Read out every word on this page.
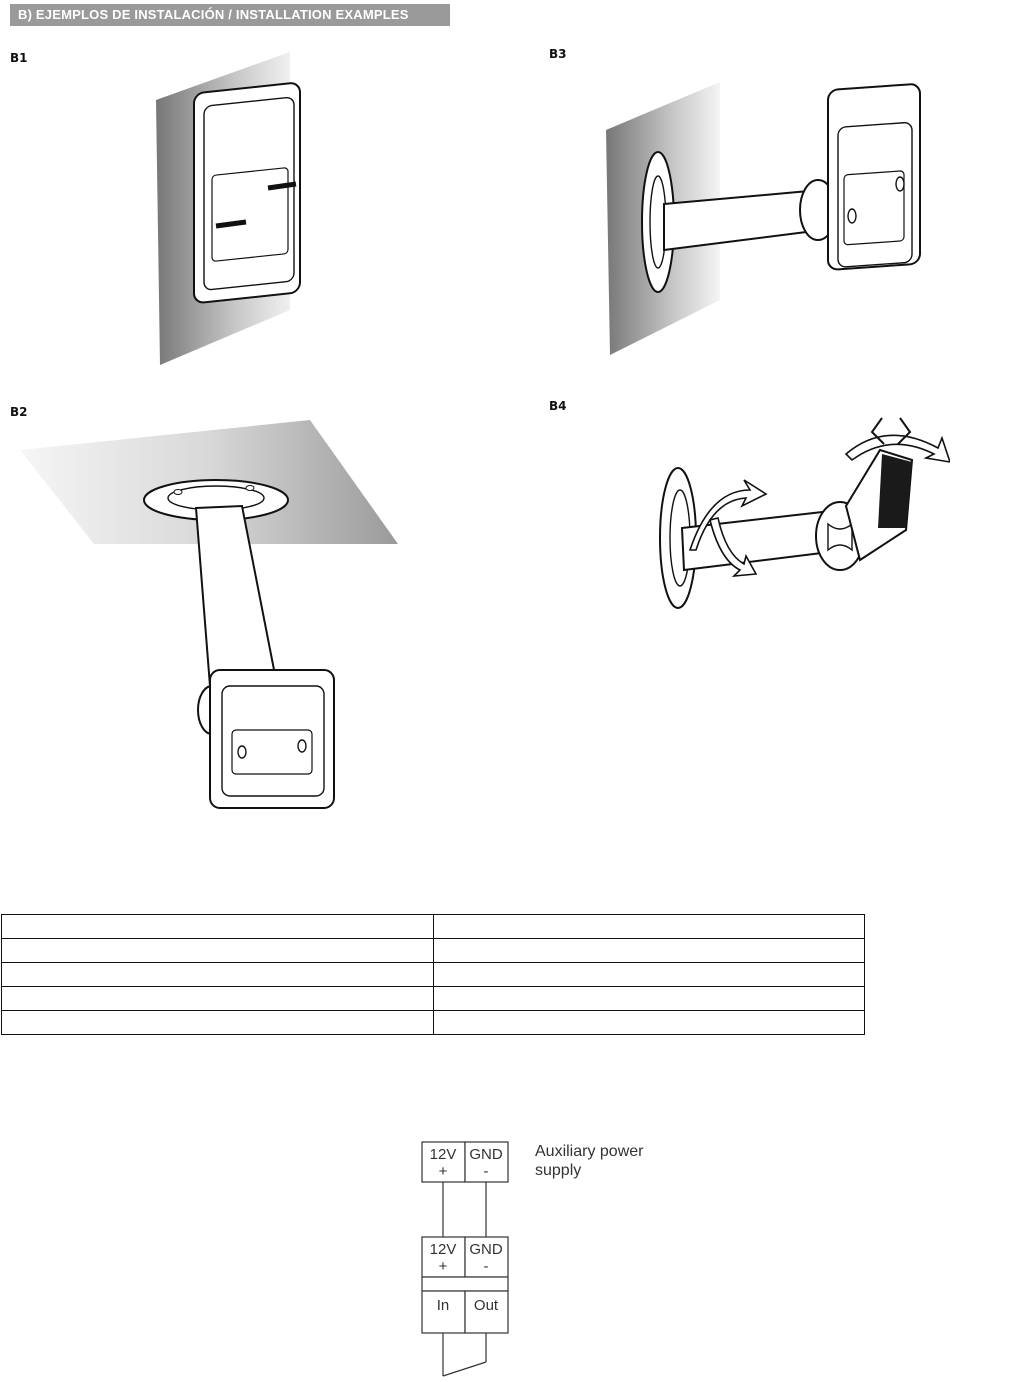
B) EJEMPLOS DE INSTALACIÓN / INSTALLATION EXAMPLES
B1	B3
B2	B4

12V
+
GND
-
Auxiliary power
supply
12V
+
GND
-
In Out
